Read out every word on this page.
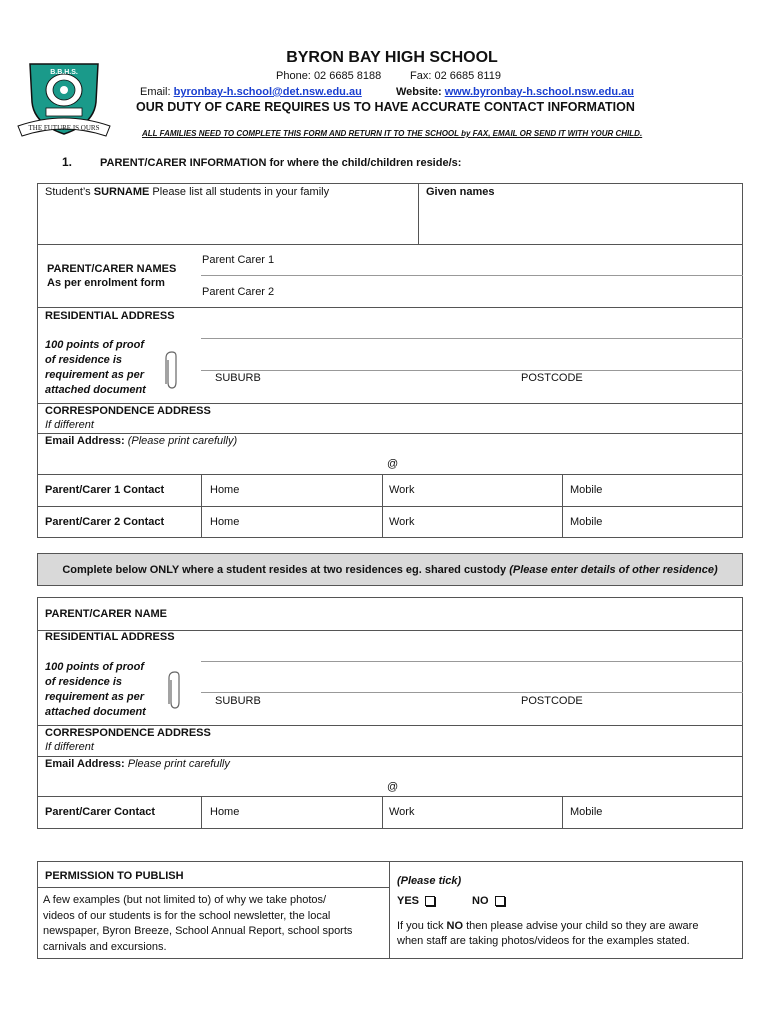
B.B.H.S.
THE FUTURE IS OURS
BYRON BAY HIGH SCHOOL
Phone: 02 6685 8188	Fax: 02 6685 8119
Email: byronbay-h.school@det.nsw.edu.au	Website: www.byronbay-h.school.nsw.edu.au
OUR DUTY OF CARE REQUIRES US TO HAVE ACCURATE CONTACT INFORMATION
ALL FAMILIES NEED TO COMPLETE THIS FORM AND RETURN IT TO THE SCHOOL by FAX, EMAIL OR SEND IT WITH YOUR CHILD.
1.	PARENT/CARER INFORMATION for where the child/children reside/s:
Student’s SURNAME Please list all students in your family	Given names
PARENT/CARER NAMES
As per enrolment form
Parent Carer 1
Parent Carer 2
RESIDENTIAL ADDRESS
100 points of proof
of residence is
requirement as per
attached document
SUBURB	POSTCODE
CORRESPONDENCE ADDRESS
If different
Email Address: (Please print carefully)
@
Parent/Carer 1 Contact	Home	Work	Mobile
Parent/Carer 2 Contact	Home	Work	Mobile
Complete below ONLY where a student resides at two residences eg. shared custody (Please enter details of other residence)
PARENT/CARER NAME
RESIDENTIAL ADDRESS
100 points of proof
of residence is
requirement as per
attached document
SUBURB	POSTCODE
CORRESPONDENCE ADDRESS
If different
Email Address: Please print carefully
@
Parent/Carer Contact	Home	Work	Mobile
PERMISSION TO PUBLISH
A few examples (but not limited to) of why we take photos/
videos of our students is for the school newsletter, the local
newspaper, Byron Breeze, School Annual Report, school sports
carnivals and excursions.
(Please tick)
YES	NO
If you tick NO then please advise your child so they are aware
when staff are taking photos/videos for the examples stated.
